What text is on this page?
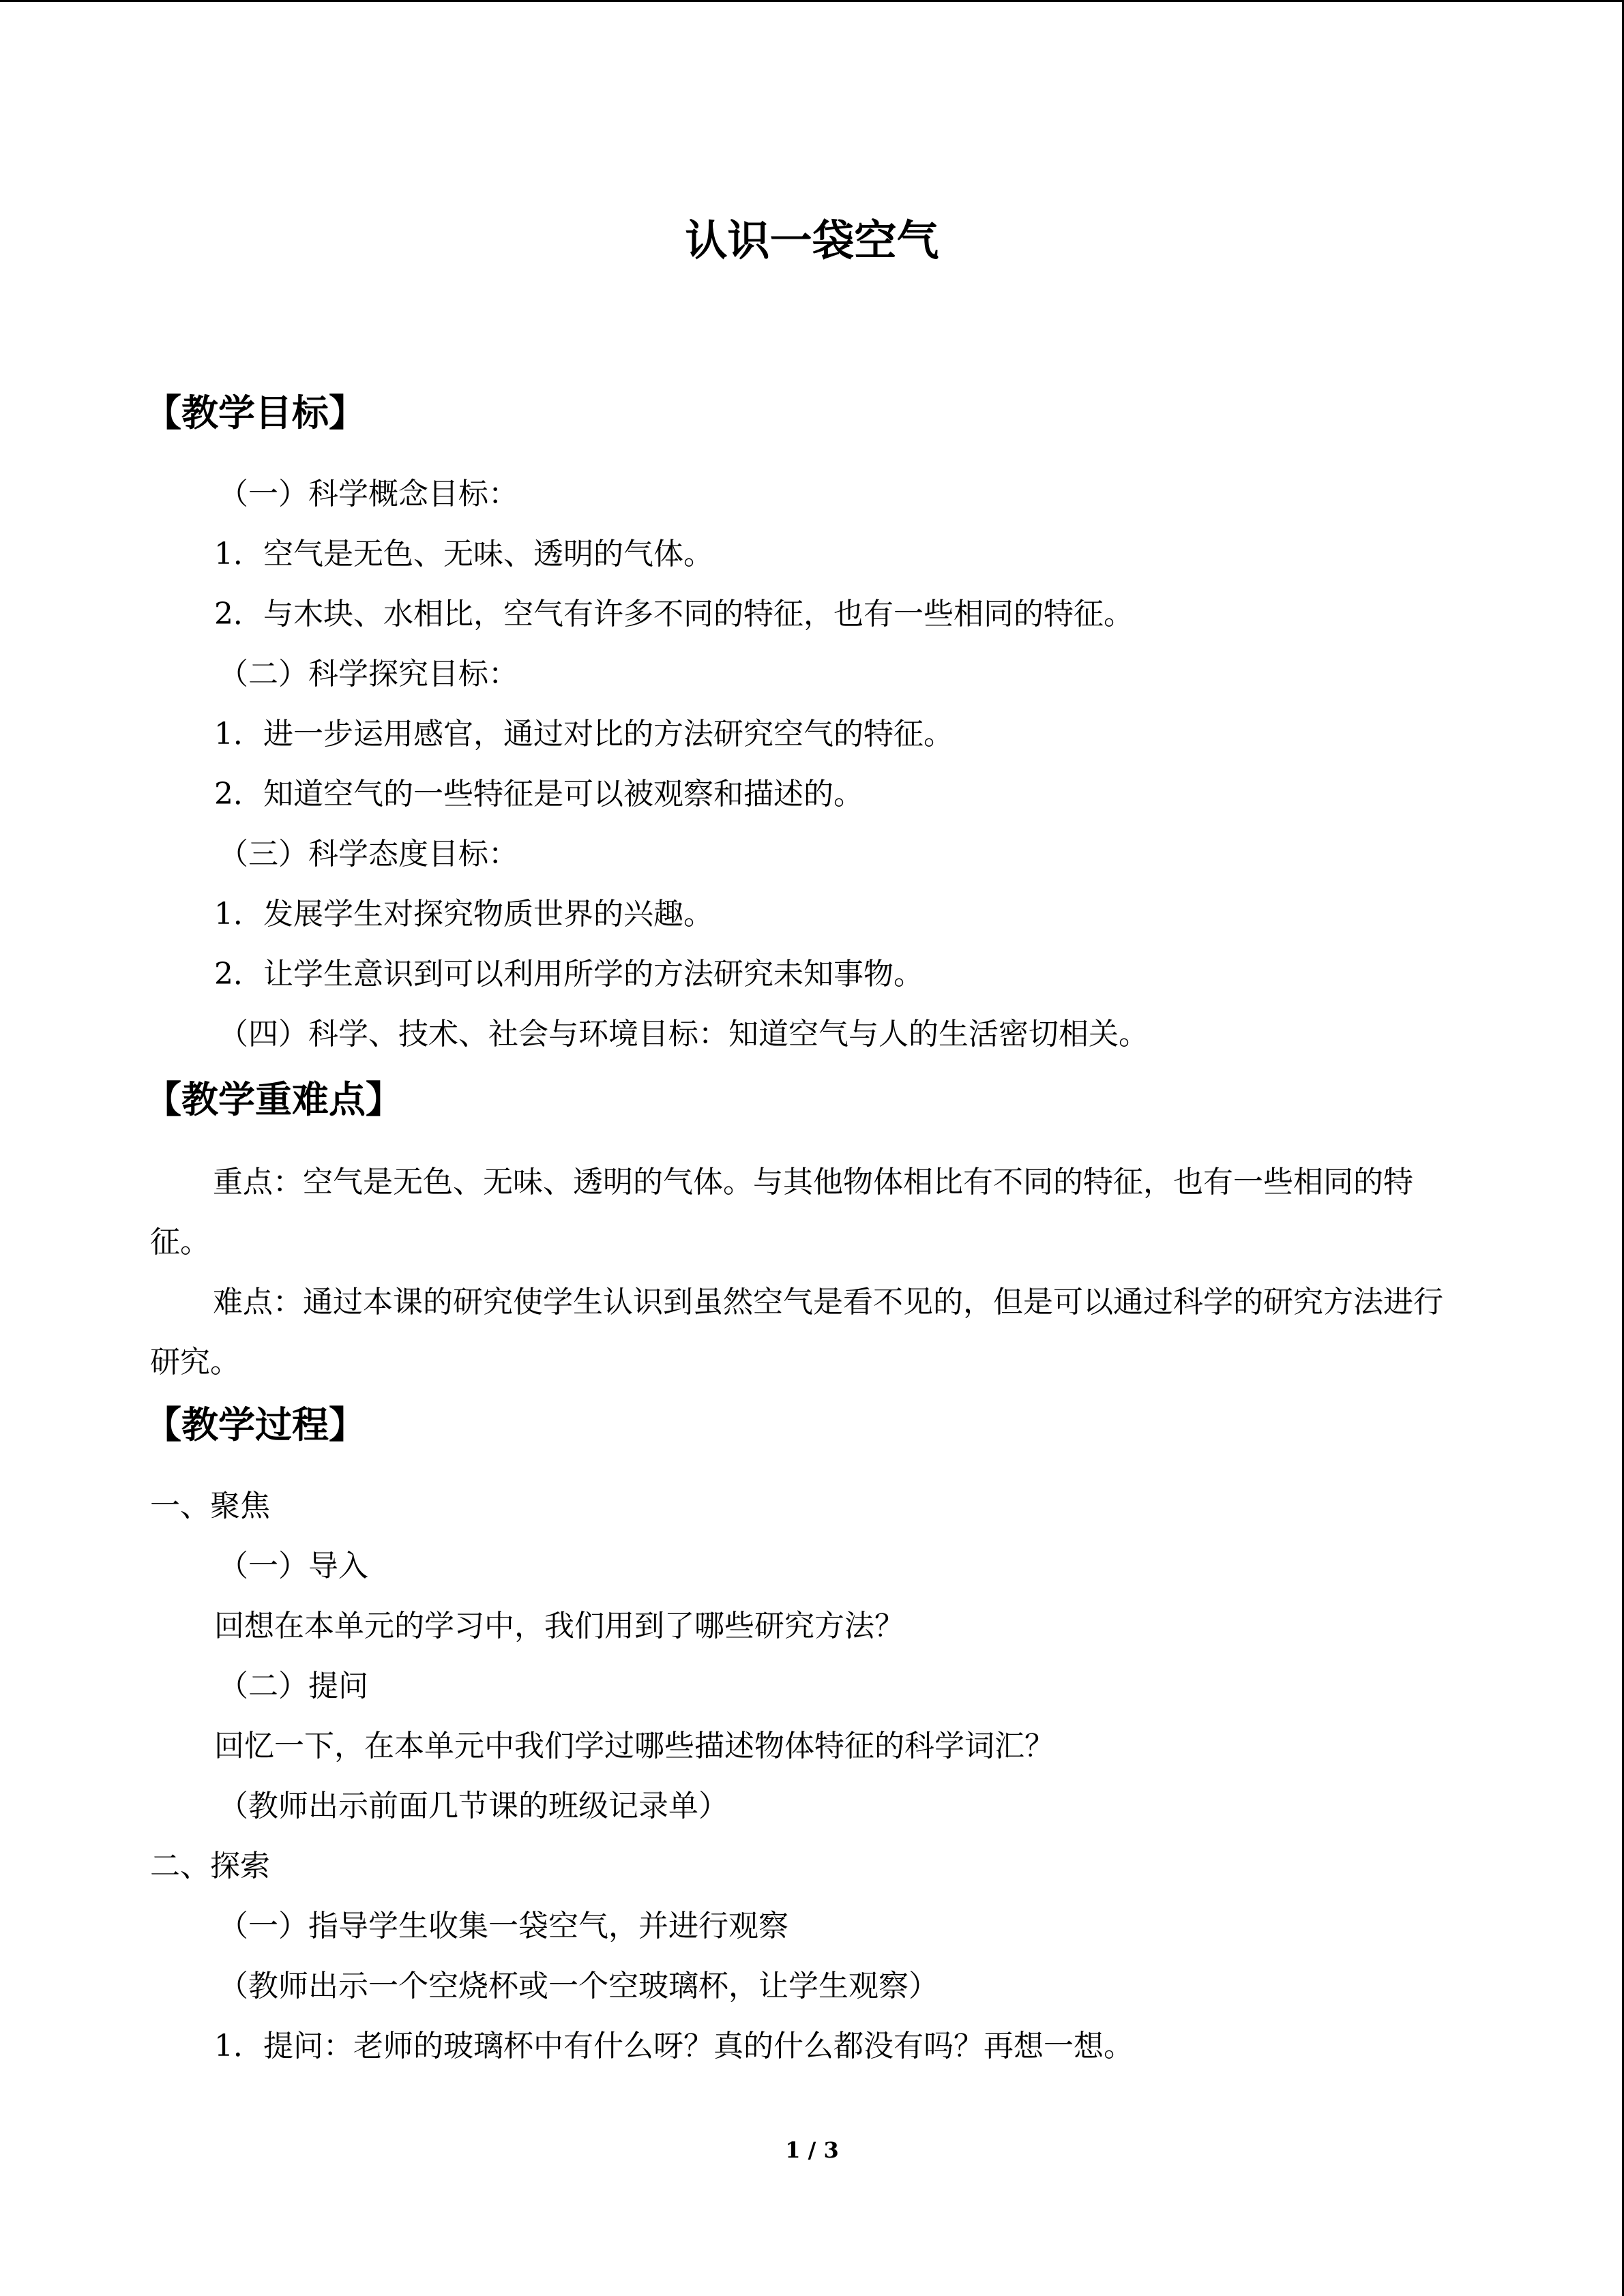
认识一袋空气
【教学目标】
（一）科学概念目标：
1．空气是无色、无味、透明的气体。
2．与木块、水相比，空气有许多不同的特征，也有一些相同的特征。
（二）科学探究目标：
1．进一步运用感官，通过对比的方法研究空气的特征。
2．知道空气的一些特征是可以被观察和描述的。
（三）科学态度目标：
1．发展学生对探究物质世界的兴趣。
2．让学生意识到可以利用所学的方法研究未知事物。
（四）科学、技术、社会与环境目标：知道空气与人的生活密切相关。
【教学重难点】
重点：空气是无色、无味、透明的气体。与其他物体相比有不同的特征，也有一些相同的特征。
难点：通过本课的研究使学生认识到虽然空气是看不见的，但是可以通过科学的研究方法进行研究。
【教学过程】
一、聚焦
（一）导入
回想在本单元的学习中，我们用到了哪些研究方法？
（二）提问
回忆一下，在本单元中我们学过哪些描述物体特征的科学词汇？
（教师出示前面几节课的班级记录单）
二、探索
（一）指导学生收集一袋空气，并进行观察
（教师出示一个空烧杯或一个空玻璃杯，让学生观察）
1．提问：老师的玻璃杯中有什么呀？真的什么都没有吗？再想一想。
1 / 3
